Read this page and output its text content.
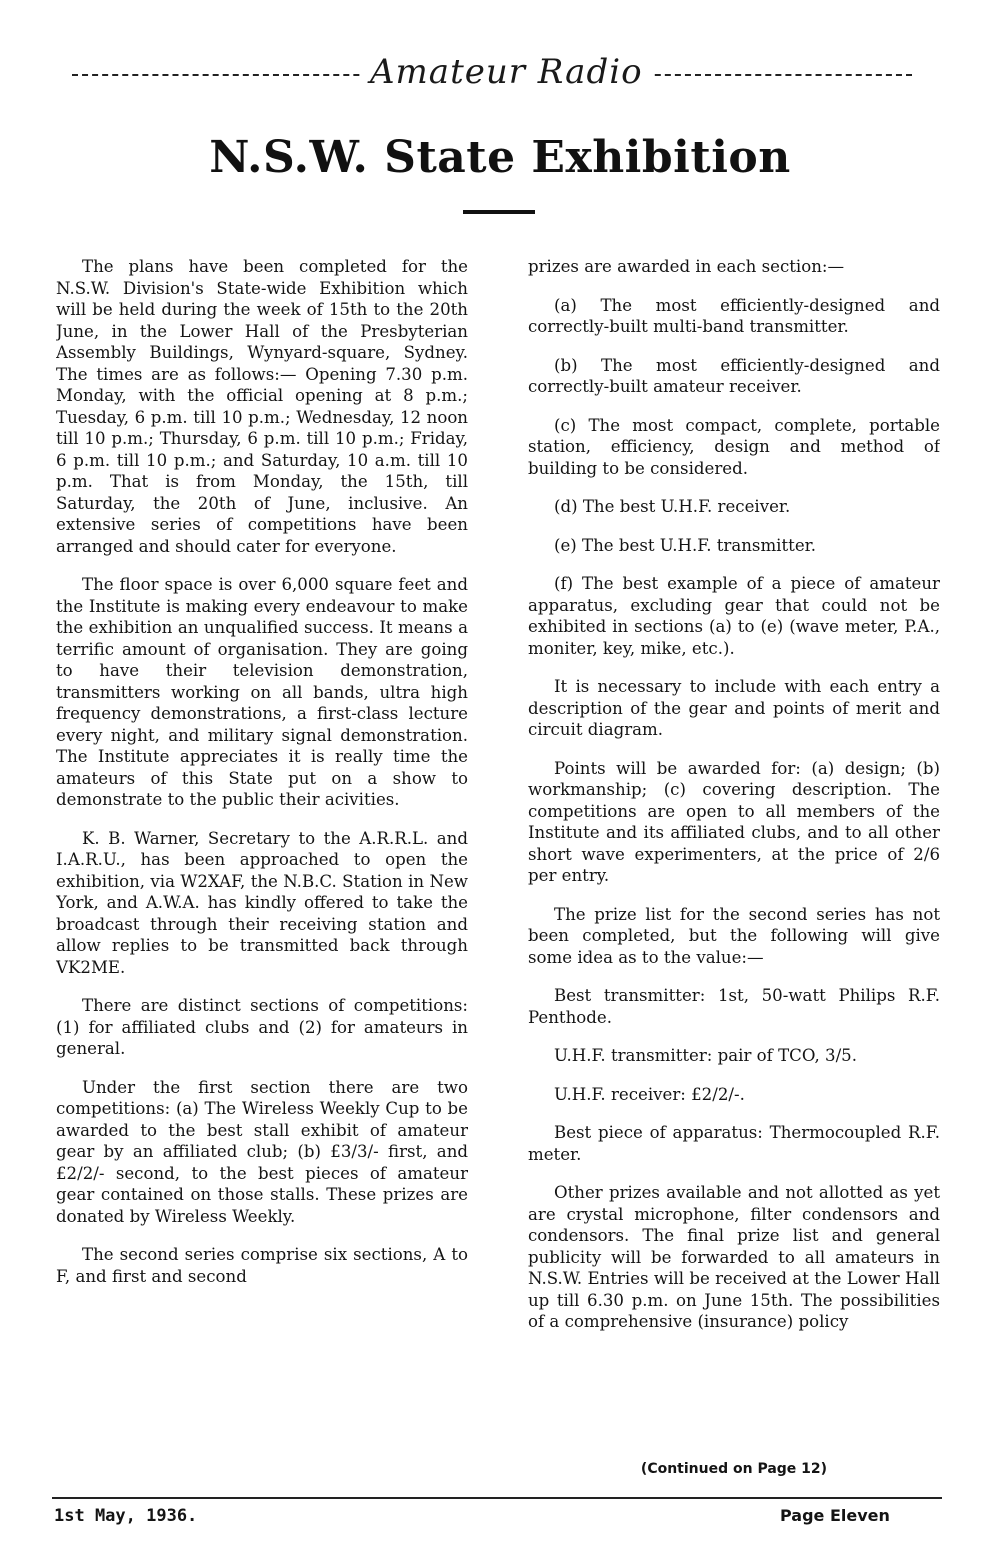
Amateur Radio
N.S.W. State Exhibition

The plans have been completed for the N.S.W. Division's State-wide Exhibition which will be held during the week of 15th to the 20th June, in the Lower Hall of the Presbyterian Assembly Buildings, Wynyard-square, Sydney. The times are as follows:— Opening 7.30 p.m. Monday, with the official opening at 8 p.m.; Tuesday, 6 p.m. till 10 p.m.; Wednesday, 12 noon till 10 p.m.; Thursday, 6 p.m. till 10 p.m.; Friday, 6 p.m. till 10 p.m.; and Saturday, 10 a.m. till 10 p.m. That is from Monday, the 15th, till Saturday, the 20th of June, inclusive. An extensive series of competitions have been arranged and should cater for everyone.

The floor space is over 6,000 square feet and the Institute is making every endeavour to make the exhibition an unqualified success. It means a terrific amount of organisation. They are going to have their television demonstration, transmitters working on all bands, ultra high frequency demonstrations, a first-class lecture every night, and military signal demonstration. The Institute appreciates it is really time the amateurs of this State put on a show to demonstrate to the public their acivities.

K. B. Warner, Secretary to the A.R.R.L. and I.A.R.U., has been approached to open the exhibition, via W2XAF, the N.B.C. Station in New York, and A.W.A. has kindly offered to take the broadcast through their receiving station and allow replies to be transmitted back through VK2ME.

There are distinct sections of competitions: (1) for affiliated clubs and (2) for amateurs in general.

Under the first section there are two competitions: (a) The Wireless Weekly Cup to be awarded to the best stall exhibit of amateur gear by an affiliated club; (b) £3/3/- first, and £2/2/- second, to the best pieces of amateur gear contained on those stalls. These prizes are donated by Wireless Weekly.

The second series comprise six sections, A to F, and first and second

prizes are awarded in each section:—

(a) The most efficiently-designed and correctly-built multi-band transmitter.

(b) The most efficiently-designed and correctly-built amateur receiver.

(c) The most compact, complete, portable station, efficiency, design and method of building to be considered.

(d) The best U.H.F. receiver.

(e) The best U.H.F. transmitter.

(f) The best example of a piece of amateur apparatus, excluding gear that could not be exhibited in sections (a) to (e) (wave meter, P.A., moniter, key, mike, etc.).

It is necessary to include with each entry a description of the gear and points of merit and circuit diagram.

Points will be awarded for: (a) design; (b) workmanship; (c) covering description. The competitions are open to all members of the Institute and its affiliated clubs, and to all other short wave experimenters, at the price of 2/6 per entry.

The prize list for the second series has not been completed, but the following will give some idea as to the value:—

Best transmitter: 1st, 50-watt Philips R.F. Penthode.

U.H.F. transmitter: pair of TCO, 3/5.

U.H.F. receiver: £2/2/-.

Best piece of apparatus: Thermocoupled R.F. meter.

Other prizes available and not allotted as yet are crystal microphone, filter condensors and condensors. The final prize list and general publicity will be forwarded to all amateurs in N.S.W. Entries will be received at the Lower Hall up till 6.30 p.m. on June 15th. The possibilities of a comprehensive (insurance) policy

(Continued on Page 12)
1st May, 1936.	Page Eleven
